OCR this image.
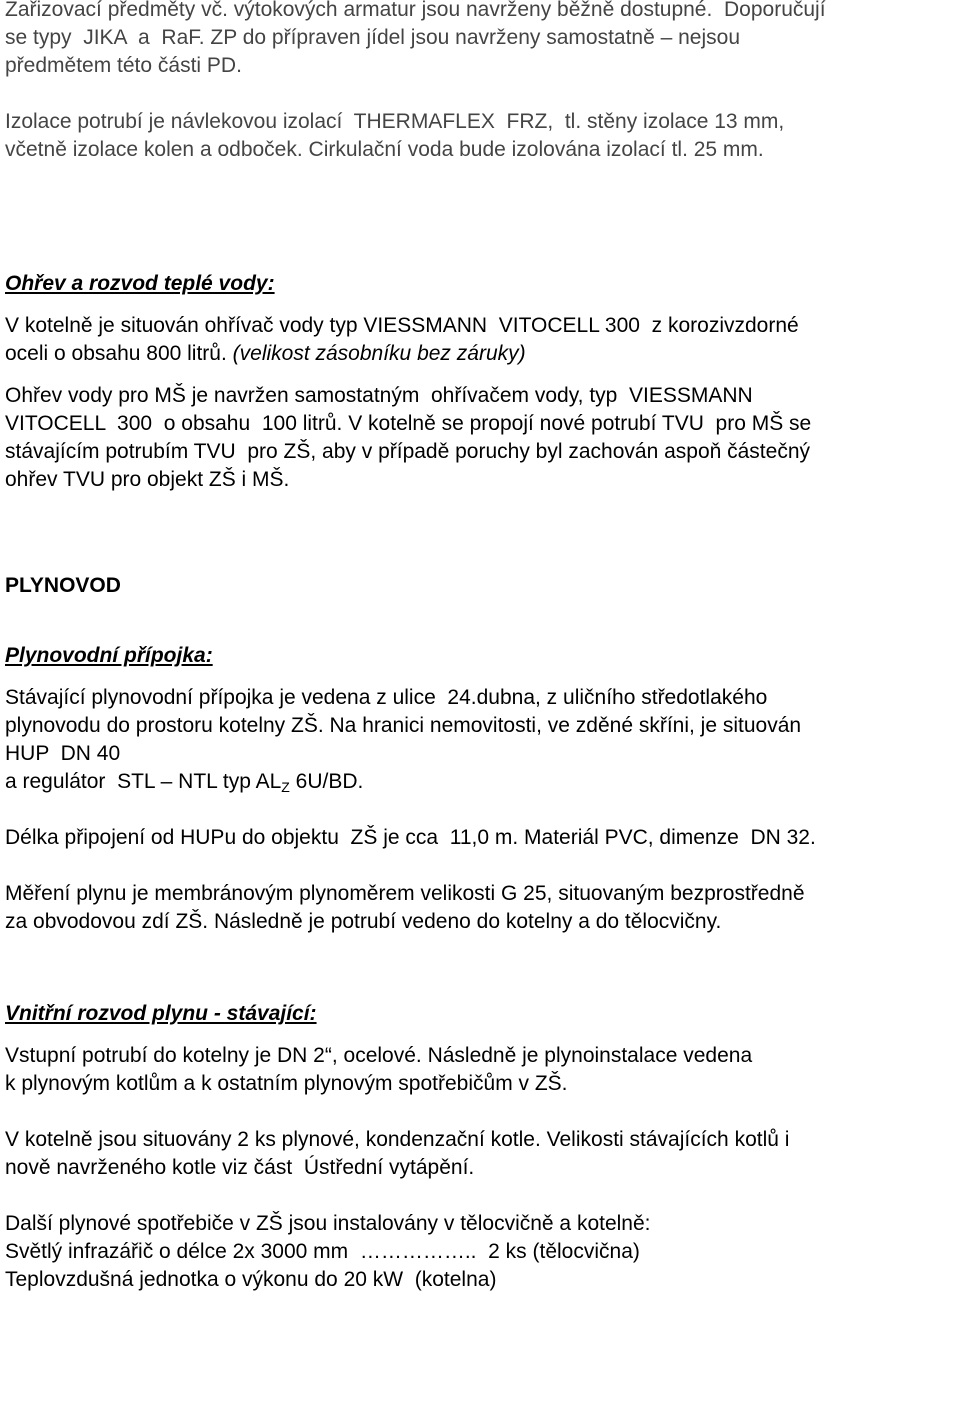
Zařizovací předměty vč. výtokových armatur jsou navrženy běžně dostupné.  Doporučují
se typy  JIKA  a  RaF. ZP do přípraven jídel jsou navrženy samostatně – nejsou
předmětem této části PD.
Izolace potrubí je návlekovou izolací  THERMAFLEX  FRZ,  tl. stěny izolace 13 mm,
včetně izolace kolen a odboček. Cirkulační voda bude izolována izolací tl. 25 mm.
Ohřev a rozvod teplé vody:
V kotelně je situován ohřívač vody typ VIESSMANN  VITOCELL 300  z korozivzdorné
oceli o obsahu 800 litrů. (velikost zásobníku bez záruky)
Ohřev vody pro MŠ je navržen samostatným  ohřívačem vody, typ  VIESSMANN
VITOCELL  300  o obsahu  100 litrů. V kotelně se propojí nové potrubí TVU  pro MŠ se
stávajícím potrubím TVU  pro ZŠ, aby v případě poruchy byl zachován aspoň částečný
ohřev TVU pro objekt ZŠ i MŠ.
PLYNOVOD
Plynovodní přípojka:
Stávající plynovodní přípojka je vedena z ulice  24.dubna, z uličního středotlakého
plynovodu do prostoru kotelny ZŠ. Na hranici nemovitosti, ve zděné skříni, je situován
HUP  DN 40
a regulátor  STL – NTL typ $AL_Z$ 6U/BD.
Délka připojení od HUPu do objektu  ZŠ je cca  11,0 m. Materiál PVC, dimenze  DN 32.
Měření plynu je membránovým plynoměrem velikosti G 25, situovaným bezprostředně
za obvodovou zdí ZŠ. Následně je potrubí vedeno do kotelny a do tělocvičny.
Vnitřní rozvod plynu - stávající:
Vstupní potrubí do kotelny je DN 2“, ocelové. Následně je plynoinstalace vedena
k plynovým kotlům a k ostatním plynovým spotřebičům v ZŠ.
V kotelně jsou situovány 2 ks plynové, kondenzační kotle. Velikosti stávajících kotlů i
nově navrženého kotle viz část  Ústřední vytápění.
Další plynové spotřebiče v ZŠ jsou instalovány v tělocvičně a kotelně:
Světlý infrazářič o délce 2x 3000 mm  ……………..  2 ks (tělocvična)
Teplovzdušná jednotka o výkonu do 20 kW  (kotelna)
